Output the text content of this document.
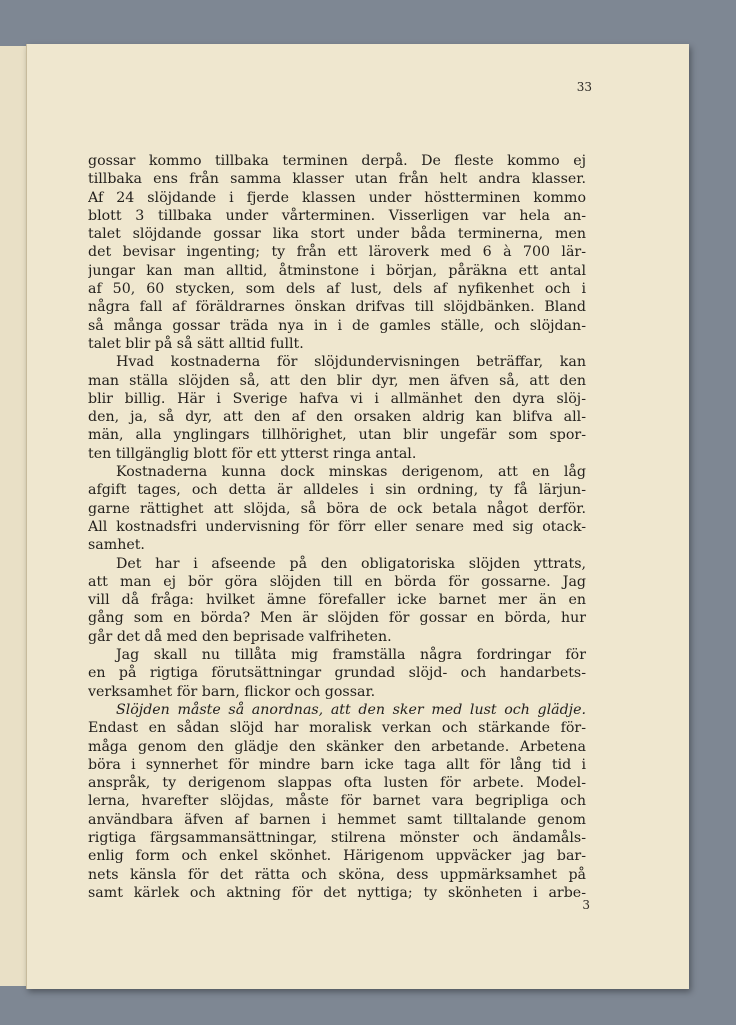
33
gossar kommo tillbaka terminen derpå. De fleste kommo ej
tillbaka ens från samma klasser utan från helt andra klasser.
Af 24 slöjdande i fjerde klassen under höstterminen kommo
blott 3 tillbaka under vårterminen. Visserligen var hela an-
talet slöjdande gossar lika stort under båda terminerna, men
det bevisar ingenting; ty från ett läroverk med 6 à 700 lär-
jungar kan man alltid, åtminstone i början, påräkna ett antal
af 50, 60 stycken, som dels af lust, dels af nyfikenhet och i
några fall af föräldrarnes önskan drifvas till slöjdbänken. Bland
så många gossar träda nya in i de gamles ställe, och slöjdan-
talet blir på så sätt alltid fullt.
Hvad kostnaderna för slöjdundervisningen beträffar, kan
man ställa slöjden så, att den blir dyr, men äfven så, att den
blir billig. Här i Sverige hafva vi i allmänhet den dyra slöj-
den, ja, så dyr, att den af den orsaken aldrig kan blifva all-
män, alla ynglingars tillhörighet, utan blir ungefär som spor-
ten tillgänglig blott för ett ytterst ringa antal.
Kostnaderna kunna dock minskas derigenom, att en låg
afgift tages, och detta är alldeles i sin ordning, ty få lärjun-
garne rättighet att slöjda, så böra de ock betala något derför.
All kostnadsfri undervisning för förr eller senare med sig otack-
samhet.
Det har i afseende på den obligatoriska slöjden yttrats,
att man ej bör göra slöjden till en börda för gossarne. Jag
vill då fråga: hvilket ämne förefaller icke barnet mer än en
gång som en börda? Men är slöjden för gossar en börda, hur
går det då med den beprisade valfriheten.
Jag skall nu tillåta mig framställa några fordringar för
en på rigtiga förutsättningar grundad slöjd- och handarbets-
verksamhet för barn, flickor och gossar.
Slöjden måste så anordnas, att den sker med lust och glädje.
Endast en sådan slöjd har moralisk verkan och stärkande för-
måga genom den glädje den skänker den arbetande. Arbetena
böra i synnerhet för mindre barn icke taga allt för lång tid i
anspråk, ty derigenom slappas ofta lusten för arbete. Model-
lerna, hvarefter slöjdas, måste för barnet vara begripliga och
användbara äfven af barnen i hemmet samt tilltalande genom
rigtiga färgsammansättningar, stilrena mönster och ändamåls-
enlig form och enkel skönhet. Härigenom uppväcker jag bar-
nets känsla för det rätta och sköna, dess uppmärksamhet på
samt kärlek och aktning för det nyttiga; ty skönheten i arbe-
3
